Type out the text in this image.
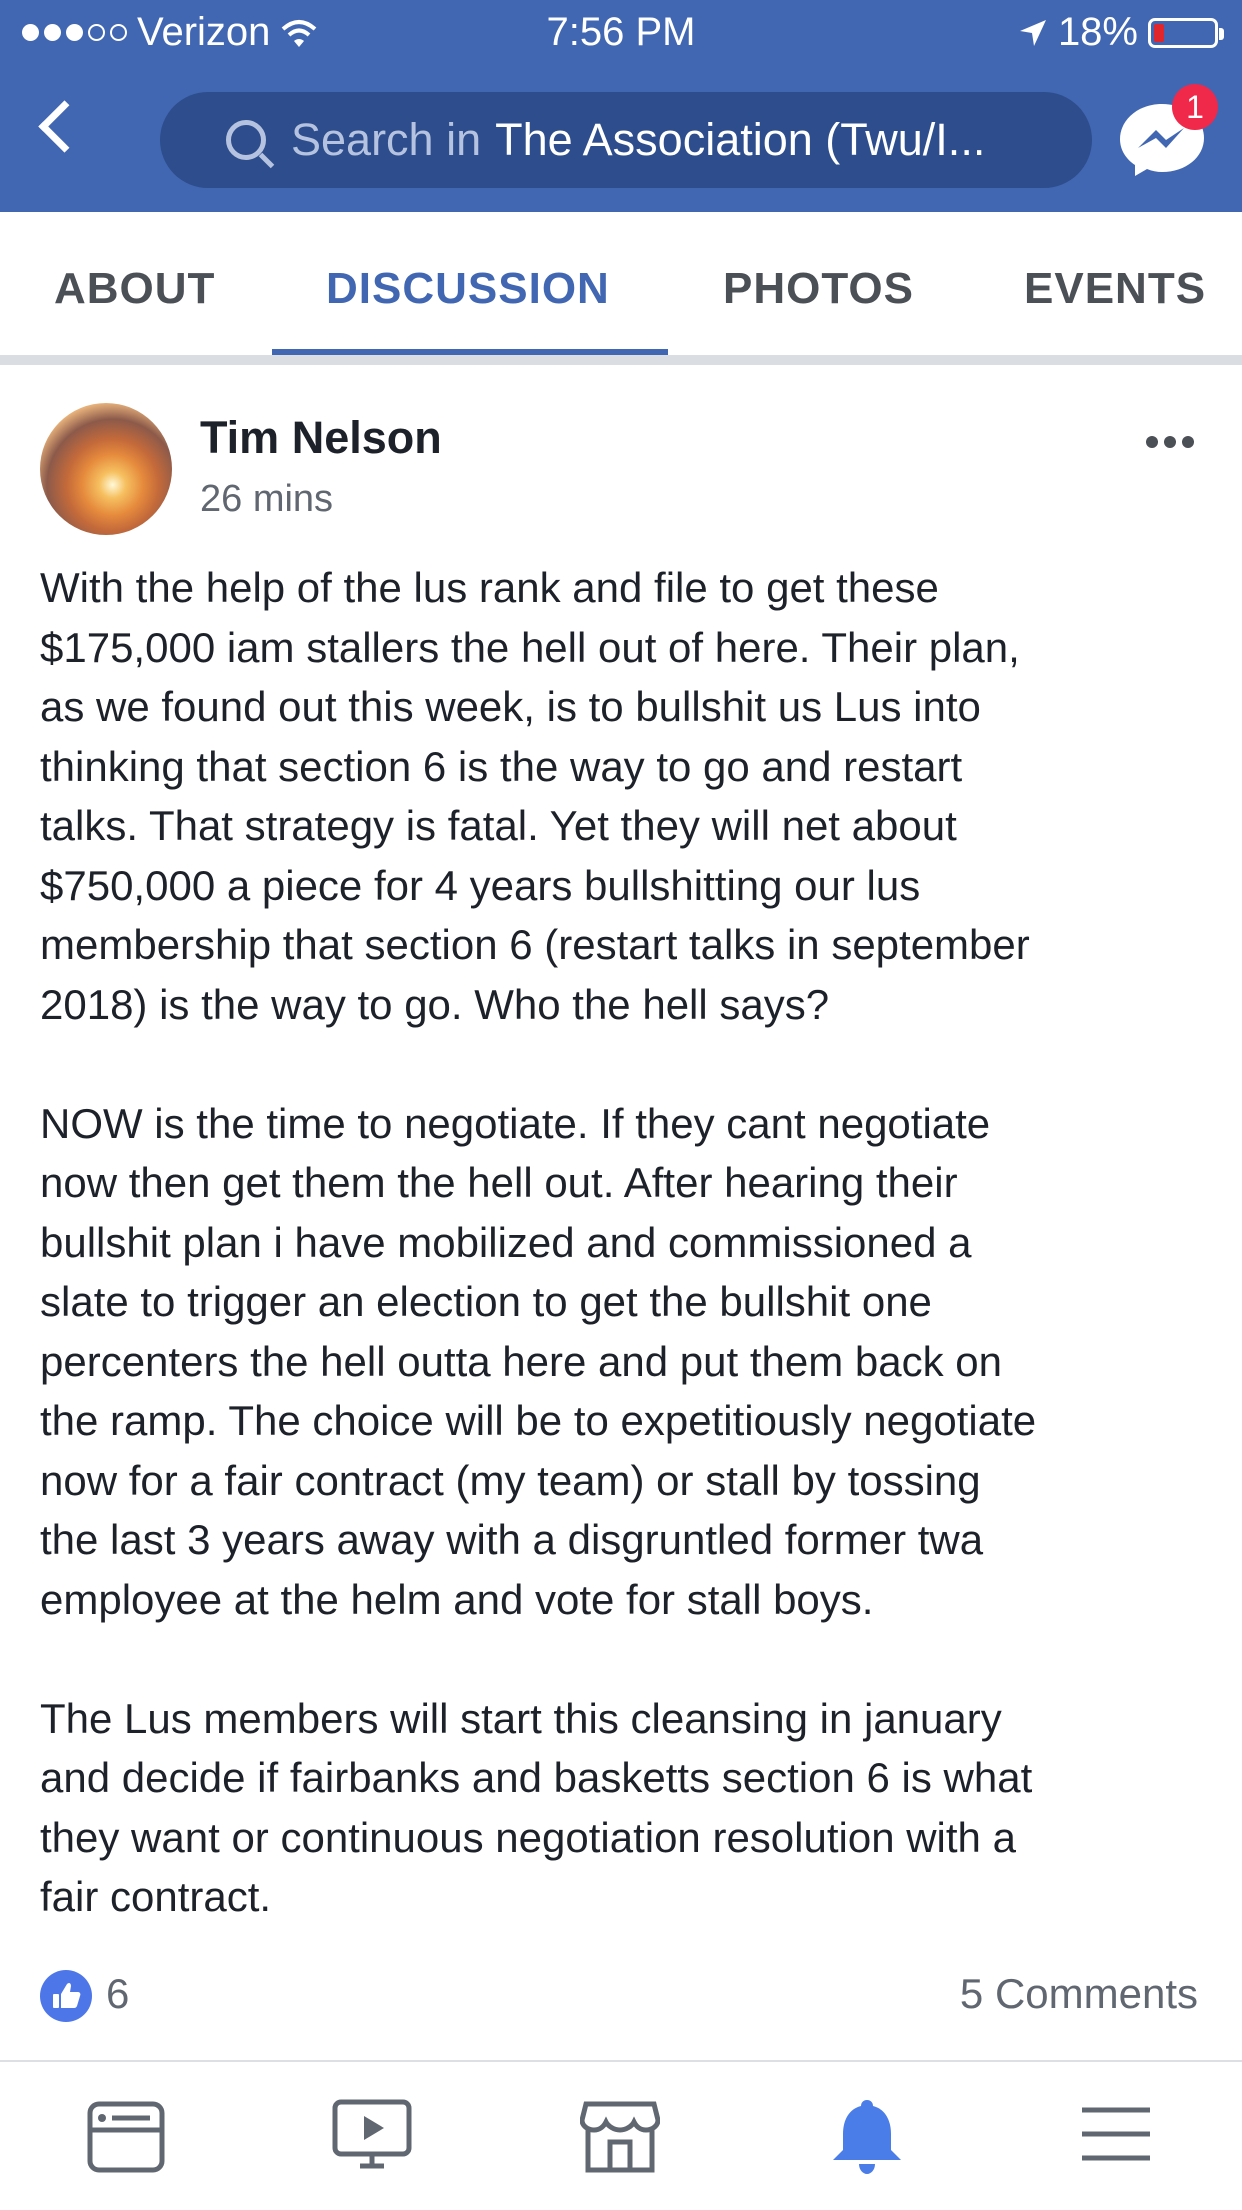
Verizon	7:56 PM	18%
Search in The Association (Twu/I...
1
ABOUT	DISCUSSION	PHOTOS EVENTS
Tim Nelson
26 mins

With the help of the lus rank and file to get these
$175,000 iam stallers the hell out of here. Their plan,
as we found out this week, is to bullshit us Lus into
thinking that section 6 is the way to go and restart
talks. That strategy is fatal. Yet they will net about
$750,000 a piece for 4 years bullshitting our lus
membership that section 6 (restart talks in september
2018) is the way to go. Who the hell says?

NOW is the time to negotiate. If they cant negotiate
now then get them the hell out. After hearing their
bullshit plan i have mobilized and commissioned a
slate to trigger an election to get the bullshit one
percenters the hell outta here and put them back on
the ramp. The choice will be to expetitiously negotiate
now for a fair contract (my team) or stall by tossing
the last 3 years away with a disgruntled former twa
employee at the helm and vote for stall boys.

The Lus members will start this cleansing in january
and decide if fairbanks and basketts section 6 is what
they want or continuous negotiation resolution with a
fair contract.

6	5 Comments
